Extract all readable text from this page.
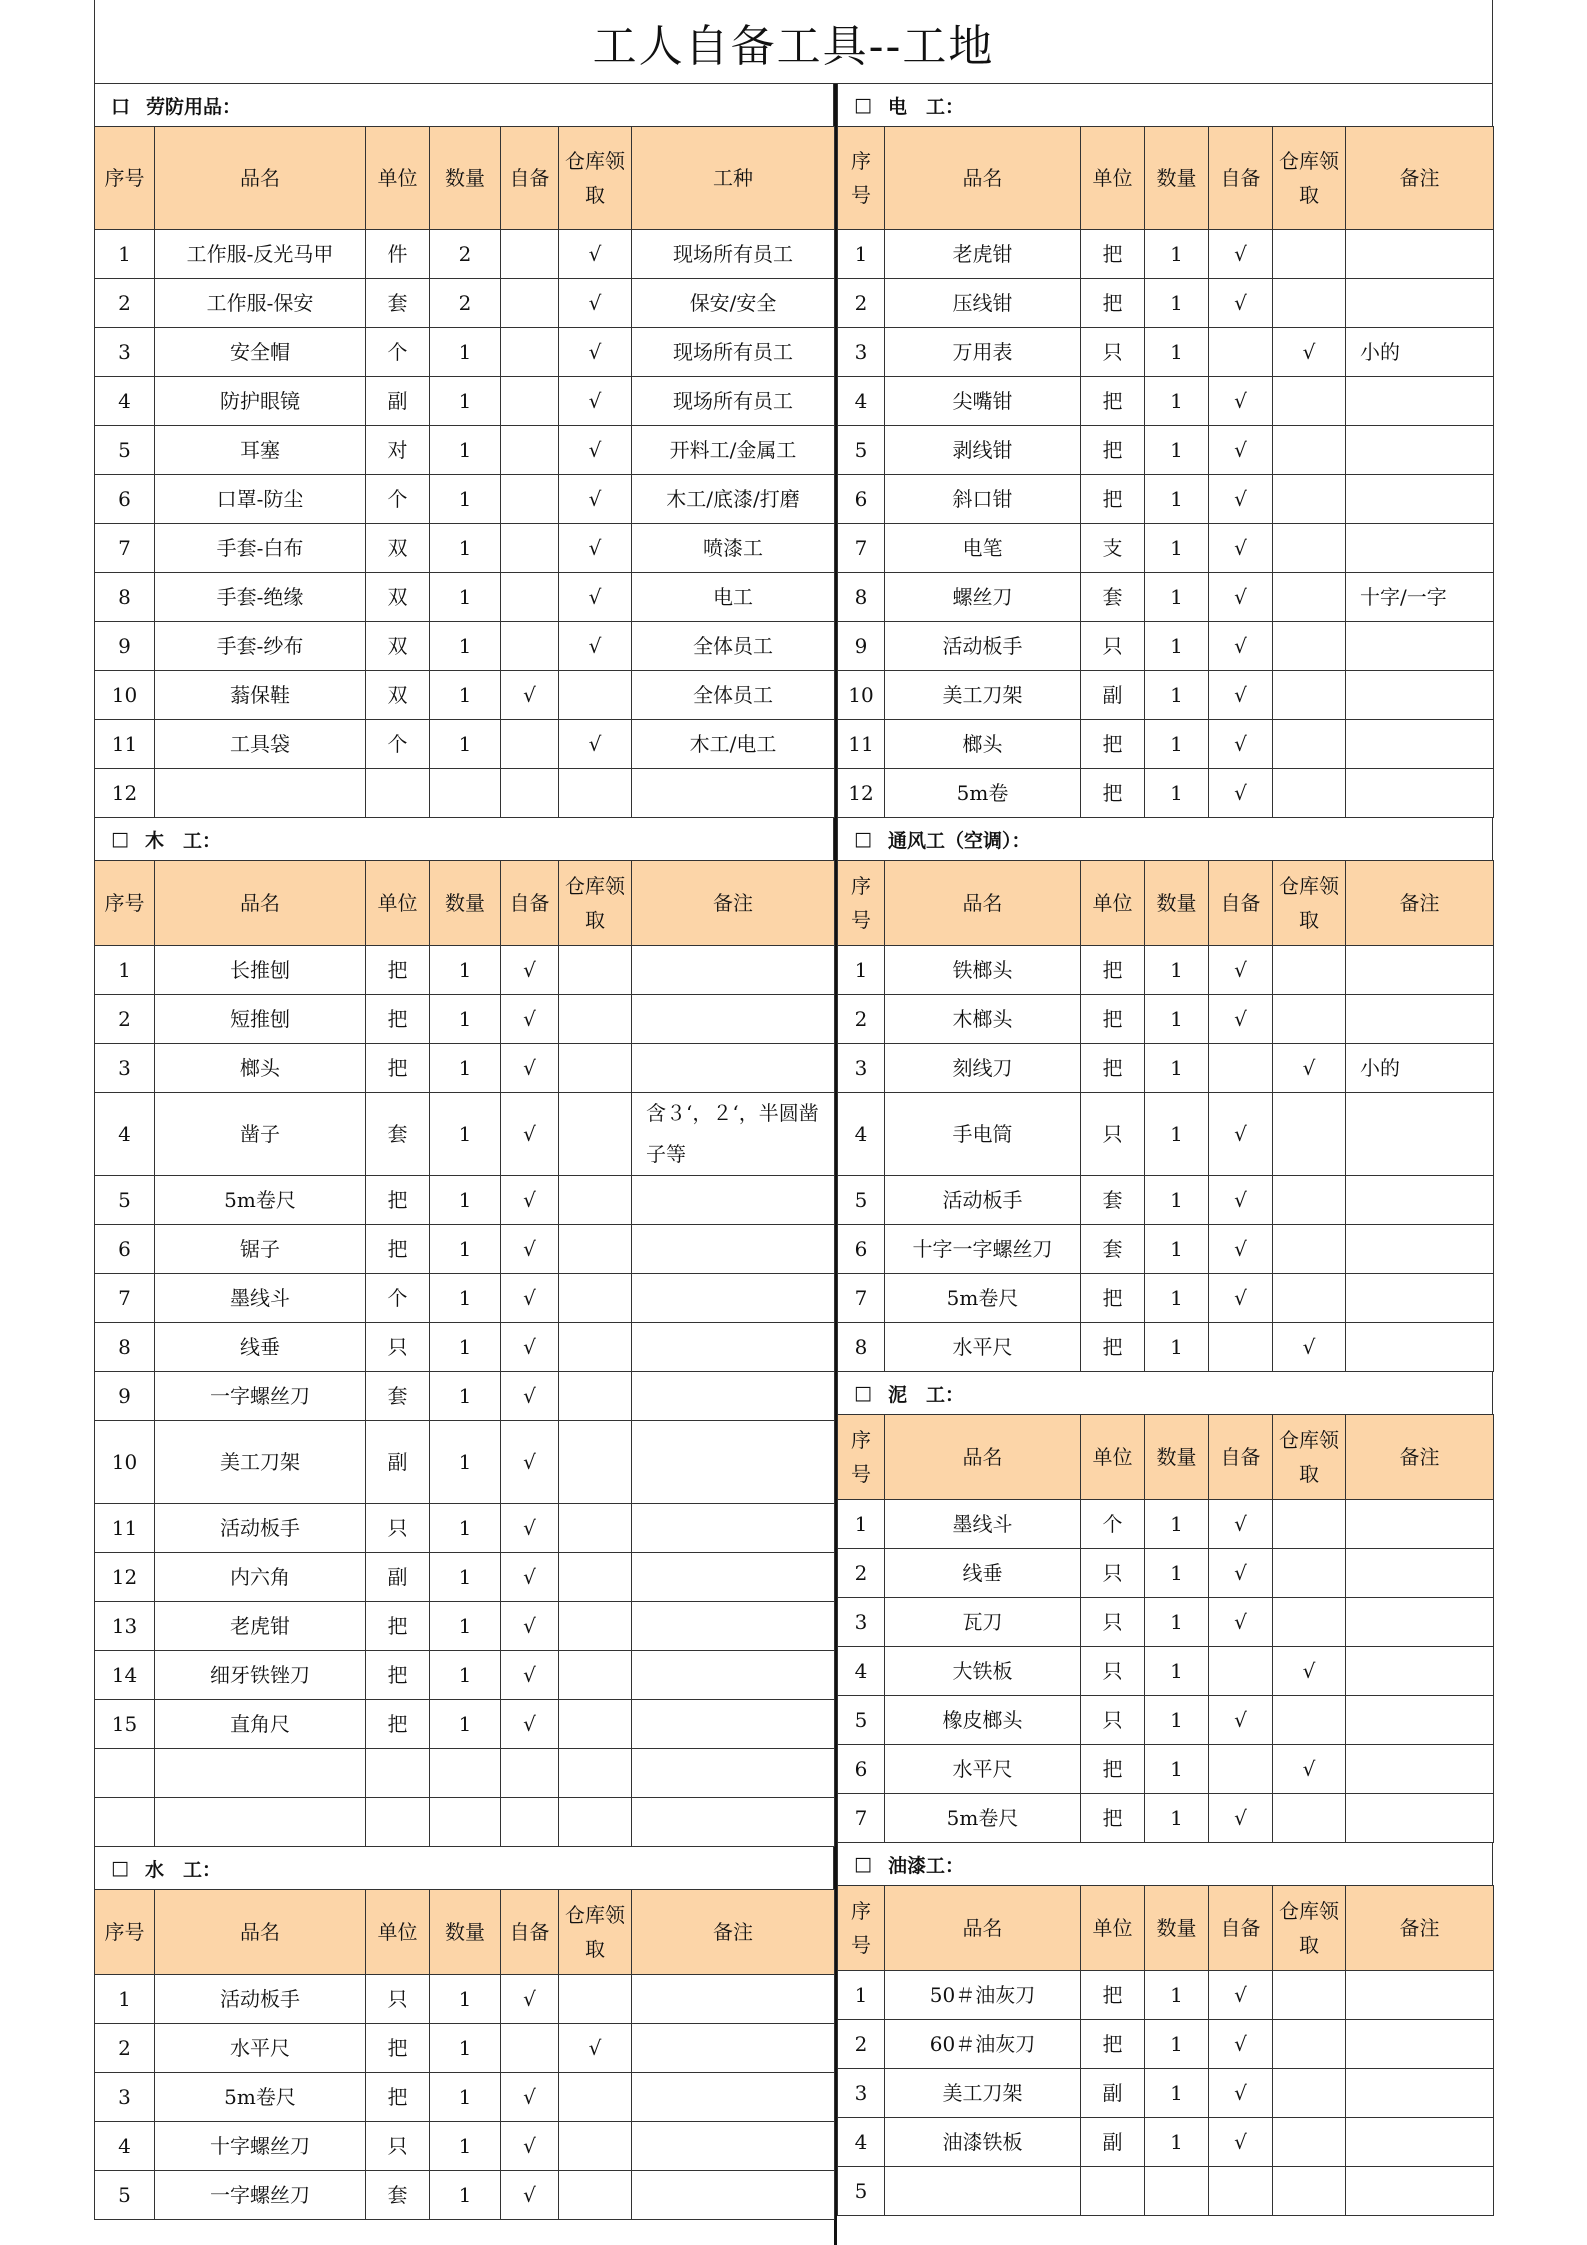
工人自备工具--工地
口 劳防用品：
序号	品名	单位	数量	自备	仓库领取	工种
1	工作服-反光马甲	件	2		√	现场所有员工
2	工作服-保安	套	2		√	保安/安全
3	安全帽	个	1		√	现场所有员工
4	防护眼镜	副	1		√	现场所有员工
5	耳塞	对	1		√	开料工/金属工
6	口罩-防尘	个	1		√	木工/底漆/打磨
7	手套-白布	双	1		√	喷漆工
8	手套-绝缘	双	1		√	电工
9	手套-纱布	双	1		√	全体员工
10	蓊保鞋	双	1	√		全体员工
11	工具袋	个	1		√	木工/电工
12						
□ 木　工：
序号	品名	单位	数量	自备	仓库领取	备注
1	长推刨	把	1	√		
2	短推刨	把	1	√		
3	榔头	把	1	√		
4	凿子	套	1	√		含３‘，２‘，半圆凿子等
5	5m卷尺	把	1	√		
6	锯子	把	1	√		
7	墨线斗	个	1	√		
8	线垂	只	1	√		
9	一字螺丝刀	套	1	√		
10	美工刀架	副	1	√		
11	活动板手	只	1	√		
12	内六角	副	1	√		
13	老虎钳	把	1	√		
14	细牙铁锉刀	把	1	√		
15	直角尺	把	1	√		

□ 水　工：
序号	品名	单位	数量	自备	仓库领取	备注
1	活动板手	只	1	√		
2	水平尺	把	1		√	
3	5m卷尺	把	1	√		
4	十字螺丝刀	只	1	√		
5	一字螺丝刀	套	1	√		
□ 电　工：
序号	品名	单位	数量	自备	仓库领取	备注
1	老虎钳	把	1	√		
2	压线钳	把	1	√		
3	万用表	只	1		√	小的
4	尖嘴钳	把	1	√		
5	剥线钳	把	1	√		
6	斜口钳	把	1	√		
7	电笔	支	1	√		
8	螺丝刀	套	1	√		十字/一字
9	活动板手	只	1	√		
10	美工刀架	副	1	√		
11	榔头	把	1	√		
12	5m卷	把	1	√		
□ 通风工（空调）：
序号	品名	单位	数量	自备	仓库领取	备注
1	铁榔头	把	1	√		
2	木榔头	把	1	√		
3	刻线刀	把	1		√	小的
4	手电筒	只	1	√		
5	活动板手	套	1	√		
6	十字一字螺丝刀	套	1	√		
7	5m卷尺	把	1	√		
8	水平尺	把	1		√	
□ 泥　工：
序号	品名	单位	数量	自备	仓库领取	备注
1	墨线斗	个	1	√		
2	线垂	只	1	√		
3	瓦刀	只	1	√		
4	大铁板	只	1		√	
5	橡皮榔头	只	1	√		
6	水平尺	把	1		√	
7	5m卷尺	把	1	√		
□ 油漆工：
序号	品名	单位	数量	自备	仓库领取	备注
1	50＃油灰刀	把	1	√		
2	60＃油灰刀	把	1	√		
3	美工刀架	副	1	√		
4	油漆铁板	副	1	√		
5						
